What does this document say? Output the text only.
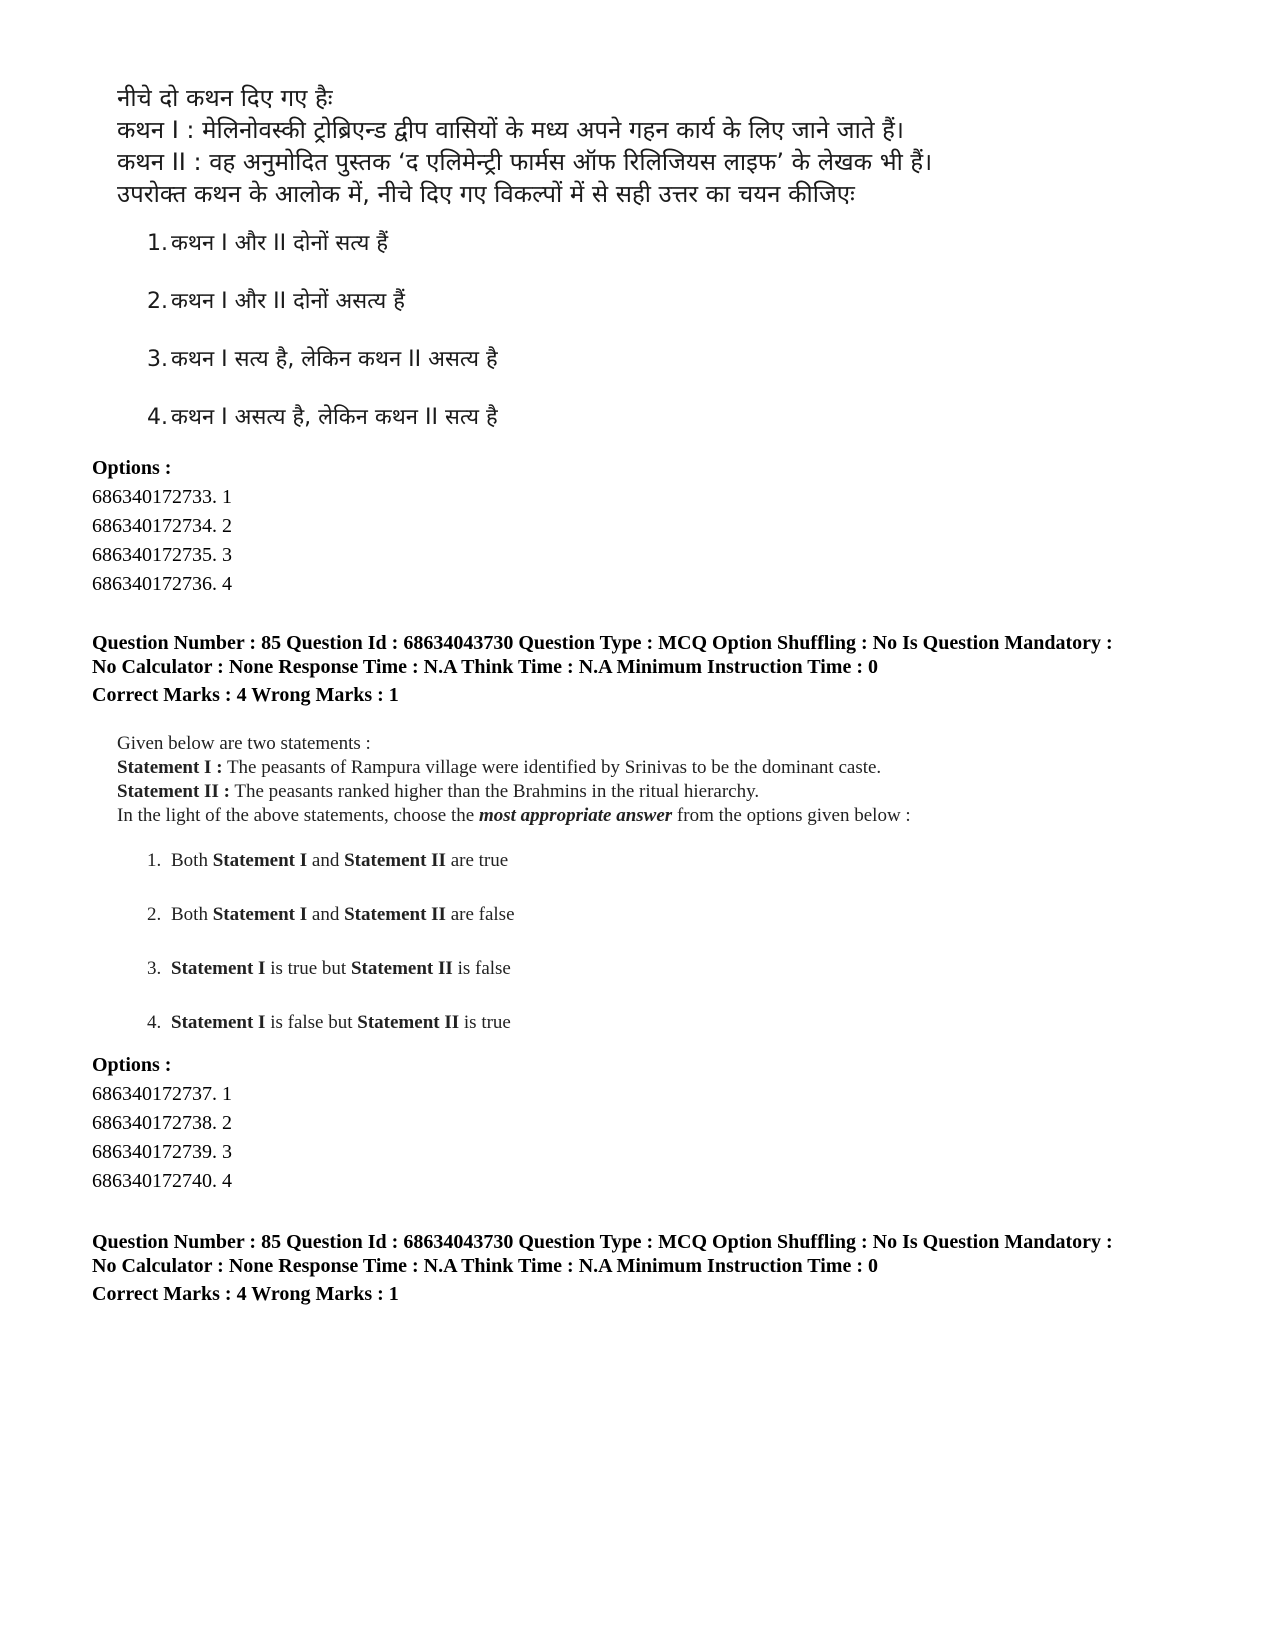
नीचे दो कथन दिए गए हैः
कथन I : मेलिनोवस्की ट्रोब्रिएन्ड द्वीप वासियों के मध्य अपने गहन कार्य के लिए जाने जाते हैं।
कथन II : वह अनुमोदित पुस्तक ‘द एलिमेन्ट्री फार्मस ऑफ रिलिजियस लाइफ’ के लेखक भी हैं।
उपरोक्त कथन के आलोक में, नीचे दिए गए विकल्पों में से सही उत्तर का चयन कीजिएः
1. कथन I और II दोनों सत्य हैं
2. कथन I और II दोनों असत्य हैं
3. कथन I सत्य है, लेकिन कथन II असत्य है
4. कथन I असत्य है, लेकिन कथन II सत्य है
Options :
686340172733. 1
686340172734. 2
686340172735. 3
686340172736. 4
Question Number : 85 Question Id : 68634043730 Question Type : MCQ Option Shuffling : No Is Question Mandatory :
No Calculator : None Response Time : N.A Think Time : N.A Minimum Instruction Time : 0
Correct Marks : 4 Wrong Marks : 1
Given below are two statements :
Statement I : The peasants of Rampura village were identified by Srinivas to be the dominant caste.
Statement II : The peasants ranked higher than the Brahmins in the ritual hierarchy.
In the light of the above statements, choose the most appropriate answer from the options given below :
1. Both Statement I and Statement II are true
2. Both Statement I and Statement II are false
3. Statement I is true but Statement II is false
4. Statement I is false but Statement II is true
Options :
686340172737. 1
686340172738. 2
686340172739. 3
686340172740. 4
Question Number : 85 Question Id : 68634043730 Question Type : MCQ Option Shuffling : No Is Question Mandatory :
No Calculator : None Response Time : N.A Think Time : N.A Minimum Instruction Time : 0
Correct Marks : 4 Wrong Marks : 1
